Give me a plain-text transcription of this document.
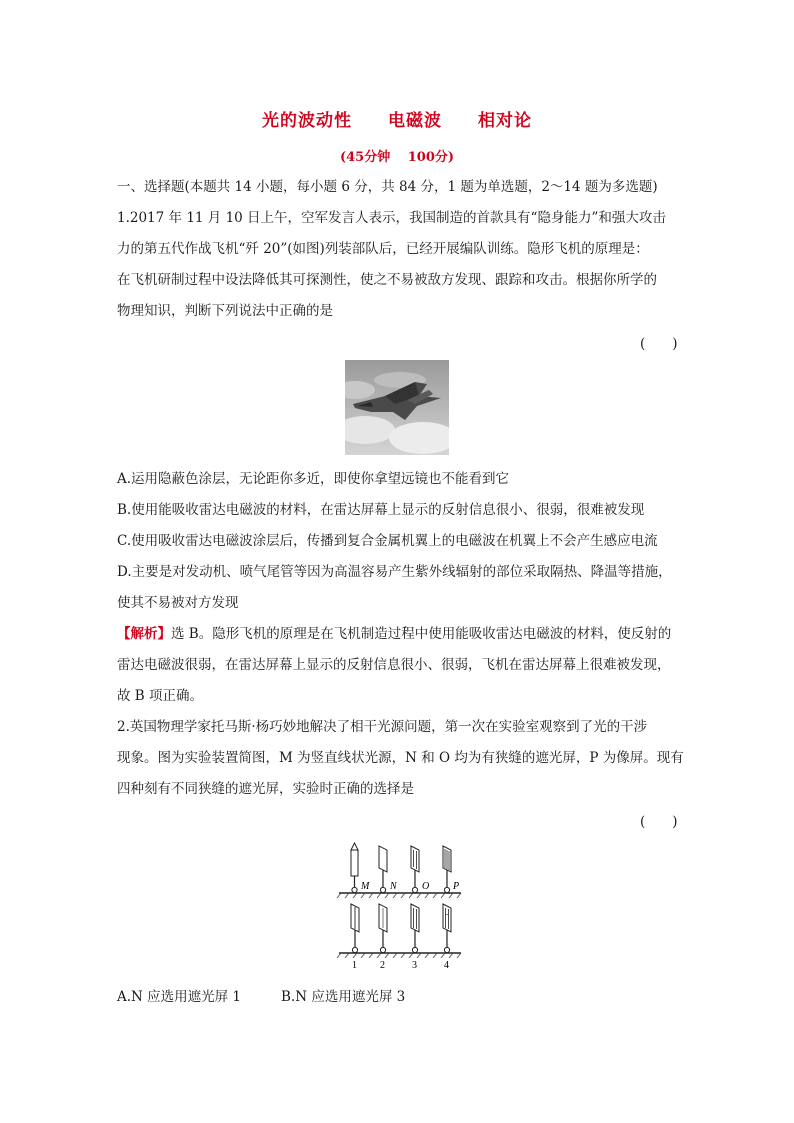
光的波动性　　电磁波　　相对论
(45分钟　 100分)
一、选择题(本题共 14 小题，每小题 6 分，共 84 分，1 题为单选题，2～14 题为多选题)
1.2017 年 11 月 10 日上午，空军发言人表示，我国制造的首款具有“隐身能力”和强大攻击
力的第五代作战飞机“歼 20”(如图)列装部队后，已经开展编队训练。隐形飞机的原理是：
在飞机研制过程中设法降低其可探测性，使之不易被敌方发现、跟踪和攻击。根据你所学的
物理知识，判断下列说法中正确的是
(　　)
A.运用隐蔽色涂层，无论距你多近，即使你拿望远镜也不能看到它
B.使用能吸收雷达电磁波的材料，在雷达屏幕上显示的反射信息很小、很弱，很难被发现
C.使用吸收雷达电磁波涂层后，传播到复合金属机翼上的电磁波在机翼上不会产生感应电流
D.主要是对发动机、喷气尾管等因为高温容易产生紫外线辐射的部位采取隔热、降温等措施，
使其不易被对方发现
【解析】选 B。隐形飞机的原理是在飞机制造过程中使用能吸收雷达电磁波的材料，使反射的
雷达电磁波很弱，在雷达屏幕上显示的反射信息很小、很弱，飞机在雷达屏幕上很难被发现，
故 B 项正确。
2.英国物理学家托马斯·杨巧妙地解决了相干光源问题，第一次在实验室观察到了光的干涉
现象。图为实验装置简图，M 为竖直线状光源，N 和 O 均为有狭缝的遮光屏，P 为像屏。现有
四种刻有不同狭缝的遮光屏，实验时正确的选择是
(　　)
M N	O P
1 2	3	4
A.N 应选用遮光屏 1	B.N 应选用遮光屏 3
